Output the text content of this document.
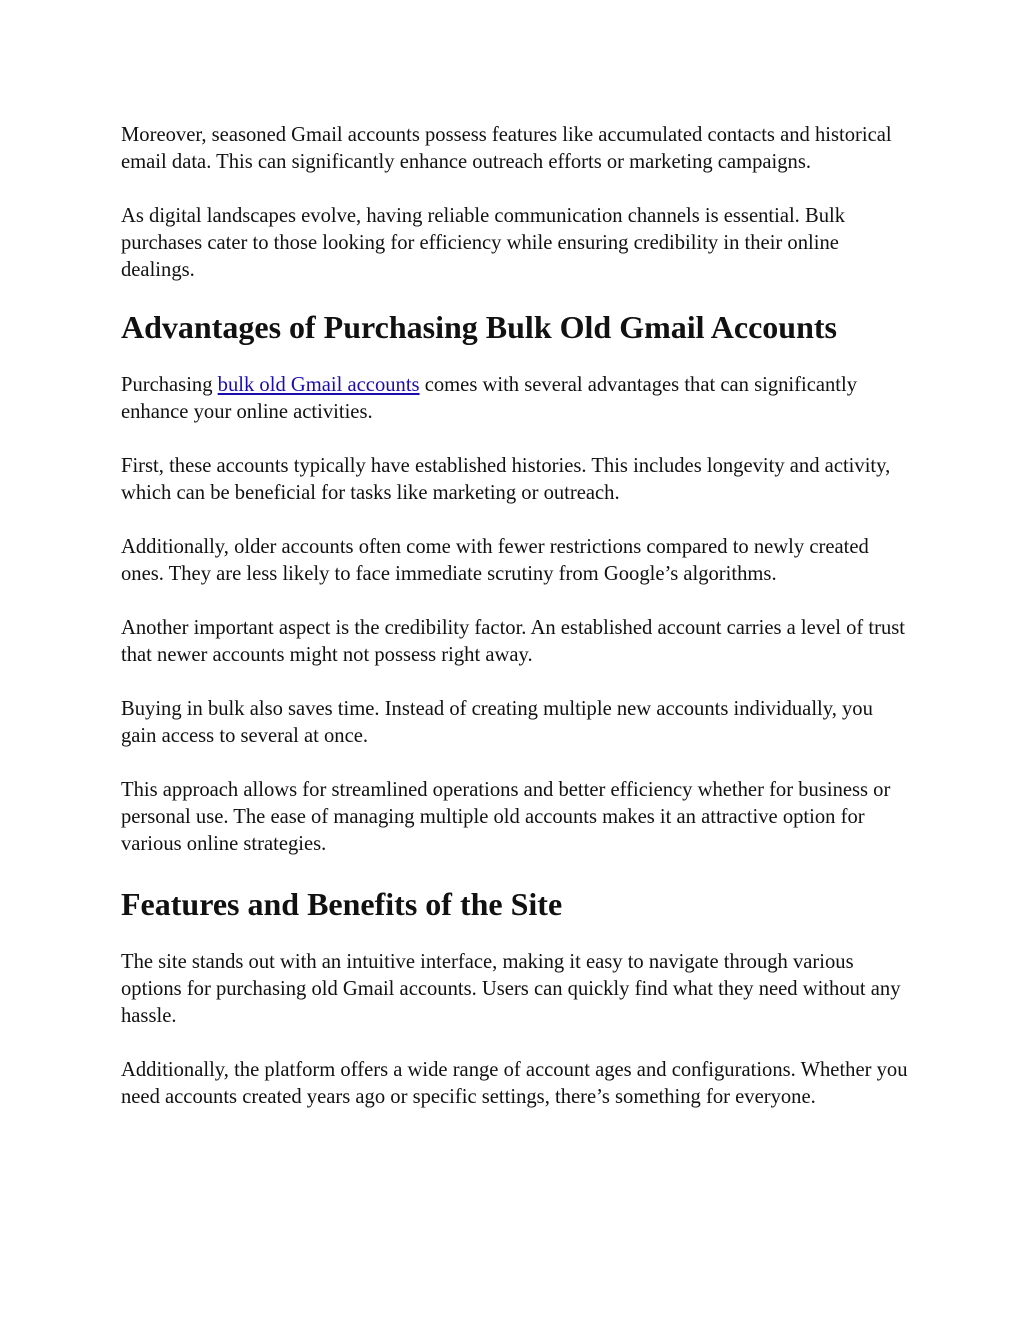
Moreover, seasoned Gmail accounts possess features like accumulated contacts and historical email data. This can significantly enhance outreach efforts or marketing campaigns.

As digital landscapes evolve, having reliable communication channels is essential. Bulk purchases cater to those looking for efficiency while ensuring credibility in their online dealings.

Advantages of Purchasing Bulk Old Gmail Accounts

Purchasing bulk old Gmail accounts comes with several advantages that can significantly enhance your online activities.

First, these accounts typically have established histories. This includes longevity and activity, which can be beneficial for tasks like marketing or outreach.

Additionally, older accounts often come with fewer restrictions compared to newly created ones. They are less likely to face immediate scrutiny from Google’s algorithms.

Another important aspect is the credibility factor. An established account carries a level of trust that newer accounts might not possess right away.

Buying in bulk also saves time. Instead of creating multiple new accounts individually, you gain access to several at once.

This approach allows for streamlined operations and better efficiency whether for business or personal use. The ease of managing multiple old accounts makes it an attractive option for various online strategies.

Features and Benefits of the Site

The site stands out with an intuitive interface, making it easy to navigate through various options for purchasing old Gmail accounts. Users can quickly find what they need without any hassle.

Additionally, the platform offers a wide range of account ages and configurations. Whether you need accounts created years ago or specific settings, there’s something for everyone.
